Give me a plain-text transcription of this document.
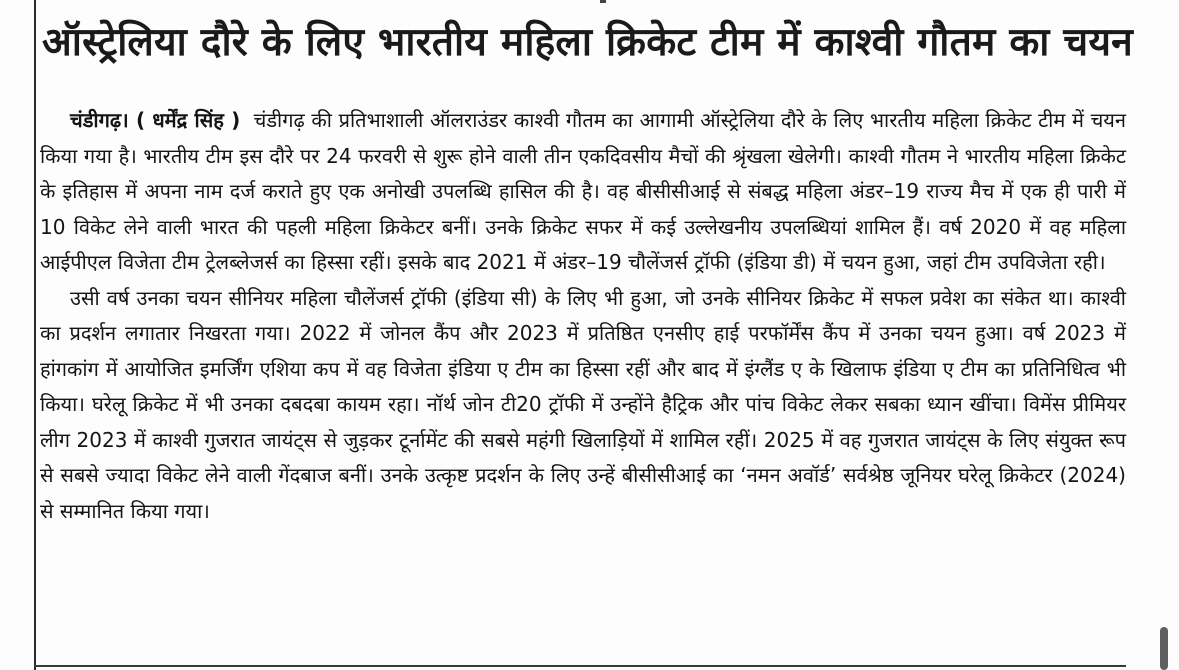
ऑस्ट्रेलिया दौरे के लिए भारतीय महिला क्रिकेट टीम में काश्वी गौतम का चयन

चंडीगढ़। ( धर्मेंद्र सिंह ) चंडीगढ़ की प्रतिभाशाली ऑलराउंडर काश्वी गौतम का आगामी ऑस्ट्रेलिया दौरे के लिए भारतीय महिला क्रिकेट टीम में चयन किया गया है। भारतीय टीम इस दौरे पर 24 फरवरी से शुरू होने वाली तीन एकदिवसीय मैचों की श्रृंखला खेलेगी। काश्वी गौतम ने भारतीय महिला क्रिकेट के इतिहास में अपना नाम दर्ज कराते हुए एक अनोखी उपलब्धि हासिल की है। वह बीसीसीआई से संबद्ध महिला अंडर–19 राज्य मैच में एक ही पारी में 10 विकेट लेने वाली भारत की पहली महिला क्रिकेटर बनीं। उनके क्रिकेट सफर में कई उल्लेखनीय उपलब्धियां शामिल हैं। वर्ष 2020 में वह महिला आईपीएल विजेता टीम ट्रेलब्लेजर्स का हिस्सा रहीं। इसके बाद 2021 में अंडर–19 चौलेंजर्स ट्रॉफी (इंडिया डी) में चयन हुआ, जहां टीम उपविजेता रही।

उसी वर्ष उनका चयन सीनियर महिला चौलेंजर्स ट्रॉफी (इंडिया सी) के लिए भी हुआ, जो उनके सीनियर क्रिकेट में सफल प्रवेश का संकेत था। काश्वी का प्रदर्शन लगातार निखरता गया। 2022 में जोनल कैंप और 2023 में प्रतिष्ठित एनसीए हाई परफॉर्मेंस कैंप में उनका चयन हुआ। वर्ष 2023 में हांगकांग में आयोजित इमर्जिंग एशिया कप में वह विजेता इंडिया ए टीम का हिस्सा रहीं और बाद में इंग्लैंड ए के खिलाफ इंडिया ए टीम का प्रतिनिधित्व भी किया। घरेलू क्रिकेट में भी उनका दबदबा कायम रहा। नॉर्थ जोन टी20 ट्रॉफी में उन्होंने हैट्रिक और पांच विकेट लेकर सबका ध्यान खींचा। विमेंस प्रीमियर लीग 2023 में काश्वी गुजरात जायंट्स से जुड़कर टूर्नामेंट की सबसे महंगी खिलाड़ियों में शामिल रहीं। 2025 में वह गुजरात जायंट्स के लिए संयुक्त रूप से सबसे ज्यादा विकेट लेने वाली गेंदबाज बनीं। उनके उत्कृष्ट प्रदर्शन के लिए उन्हें बीसीसीआई का ‘नमन अवॉर्ड’ सर्वश्रेष्ठ जूनियर घरेलू क्रिकेटर (2024) से सम्मानित किया गया।
